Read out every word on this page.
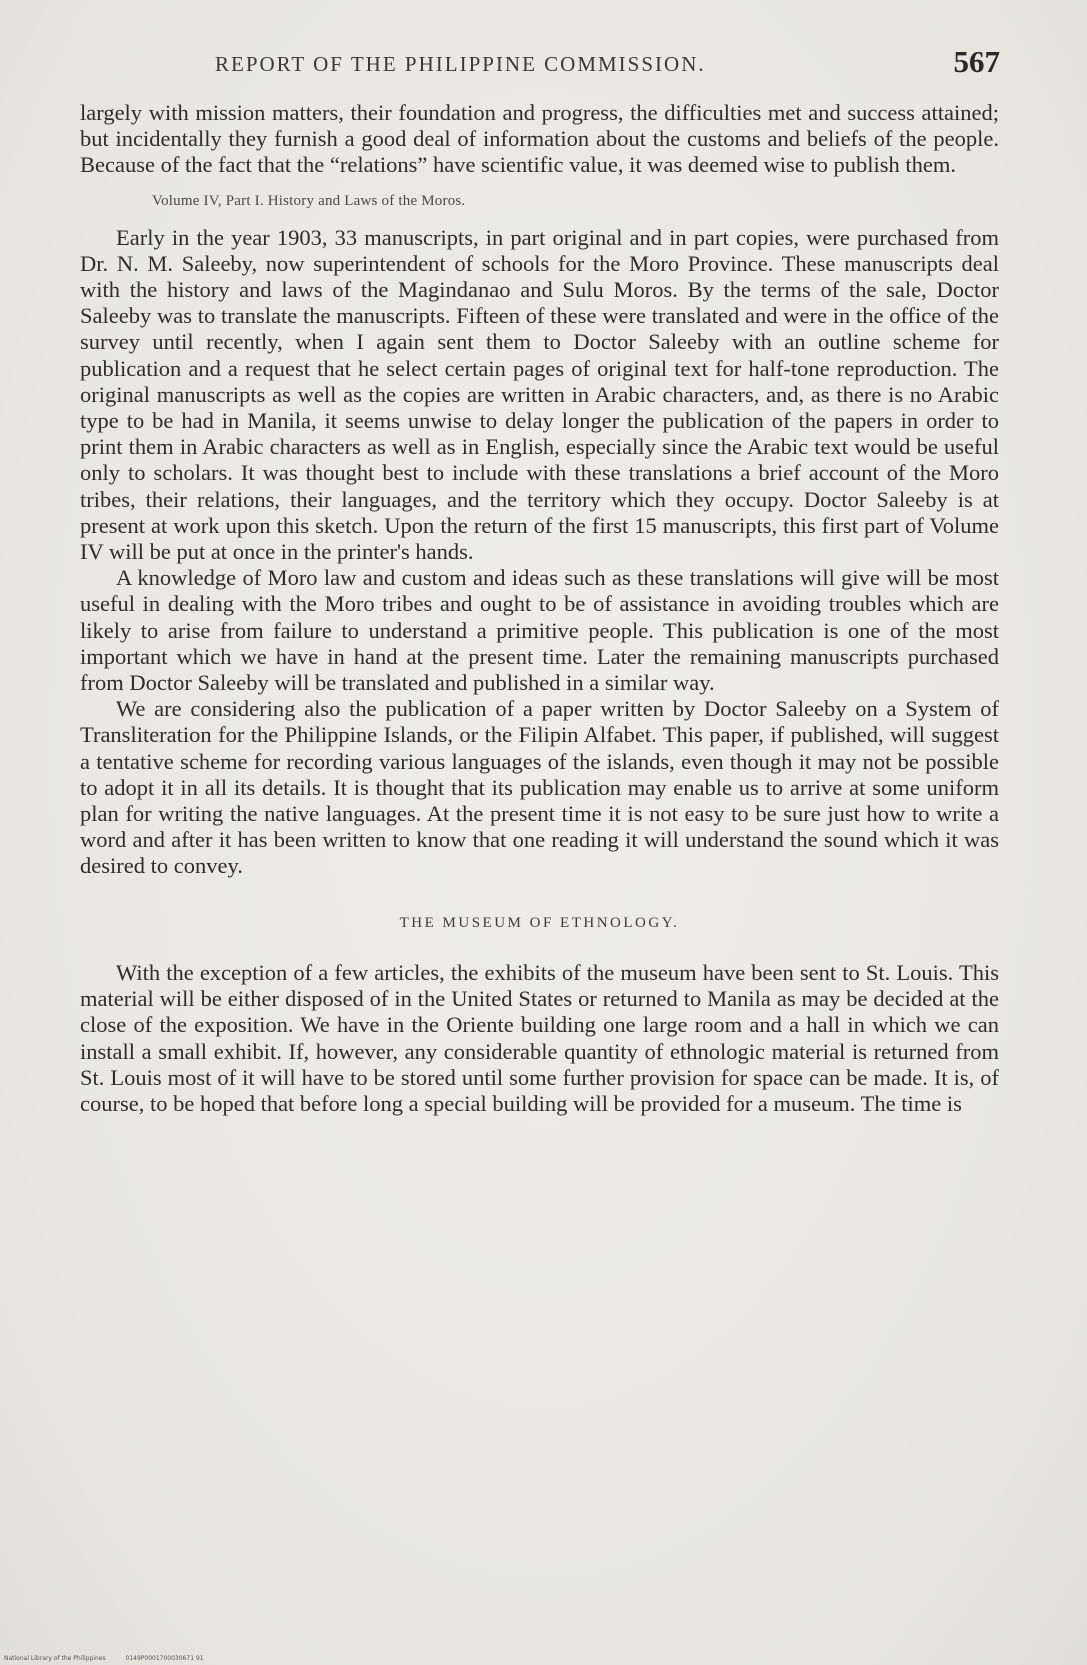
REPORT OF THE PHILIPPINE COMMISSION.	567

largely with mission matters, their foundation and progress, the difficulties met and success attained; but incidentally they furnish a good deal of information about the customs and beliefs of the people. Because of the fact that the “relations” have scientific value, it was deemed wise to publish them.

Volume IV, Part I. History and Laws of the Moros.

Early in the year 1903, 33 manuscripts, in part original and in part copies, were purchased from Dr. N. M. Saleeby, now superintendent of schools for the Moro Province. These manuscripts deal with the history and laws of the Magindanao and Sulu Moros. By the terms of the sale, Doctor Saleeby was to translate the manuscripts. Fifteen of these were translated and were in the office of the survey until recently, when I again sent them to Doctor Saleeby with an outline scheme for publication and a request that he select certain pages of original text for half-tone reproduction. The original manuscripts as well as the copies are written in Arabic characters, and, as there is no Arabic type to be had in Manila, it seems unwise to delay longer the publication of the papers in order to print them in Arabic characters as well as in English, especially since the Arabic text would be useful only to scholars. It was thought best to include with these translations a brief account of the Moro tribes, their relations, their languages, and the territory which they occupy. Doctor Saleeby is at present at work upon this sketch. Upon the return of the first 15 manuscripts, this first part of Volume IV will be put at once in the printer's hands.

A knowledge of Moro law and custom and ideas such as these translations will give will be most useful in dealing with the Moro tribes and ought to be of assistance in avoiding troubles which are likely to arise from failure to understand a primitive people. This publication is one of the most important which we have in hand at the present time. Later the remaining manuscripts purchased from Doctor Saleeby will be translated and published in a similar way.

We are considering also the publication of a paper written by Doctor Saleeby on a System of Transliteration for the Philippine Islands, or the Filipin Alfabet. This paper, if published, will suggest a tentative scheme for recording various languages of the islands, even though it may not be possible to adopt it in all its details. It is thought that its publication may enable us to arrive at some uniform plan for writing the native languages. At the present time it is not easy to be sure just how to write a word and after it has been written to know that one reading it will understand the sound which it was desired to convey.

THE MUSEUM OF ETHNOLOGY.

With the exception of a few articles, the exhibits of the museum have been sent to St. Louis. This material will be either disposed of in the United States or returned to Manila as may be decided at the close of the exposition. We have in the Oriente building one large room and a hall in which we can install a small exhibit. If, however, any considerable quantity of ethnologic material is returned from St. Louis most of it will have to be stored until some further provision for space can be made. It is, of course, to be hoped that before long a special building will be provided for a museum. The time is

National Library of the Philippines	0149P0001700030671 91
